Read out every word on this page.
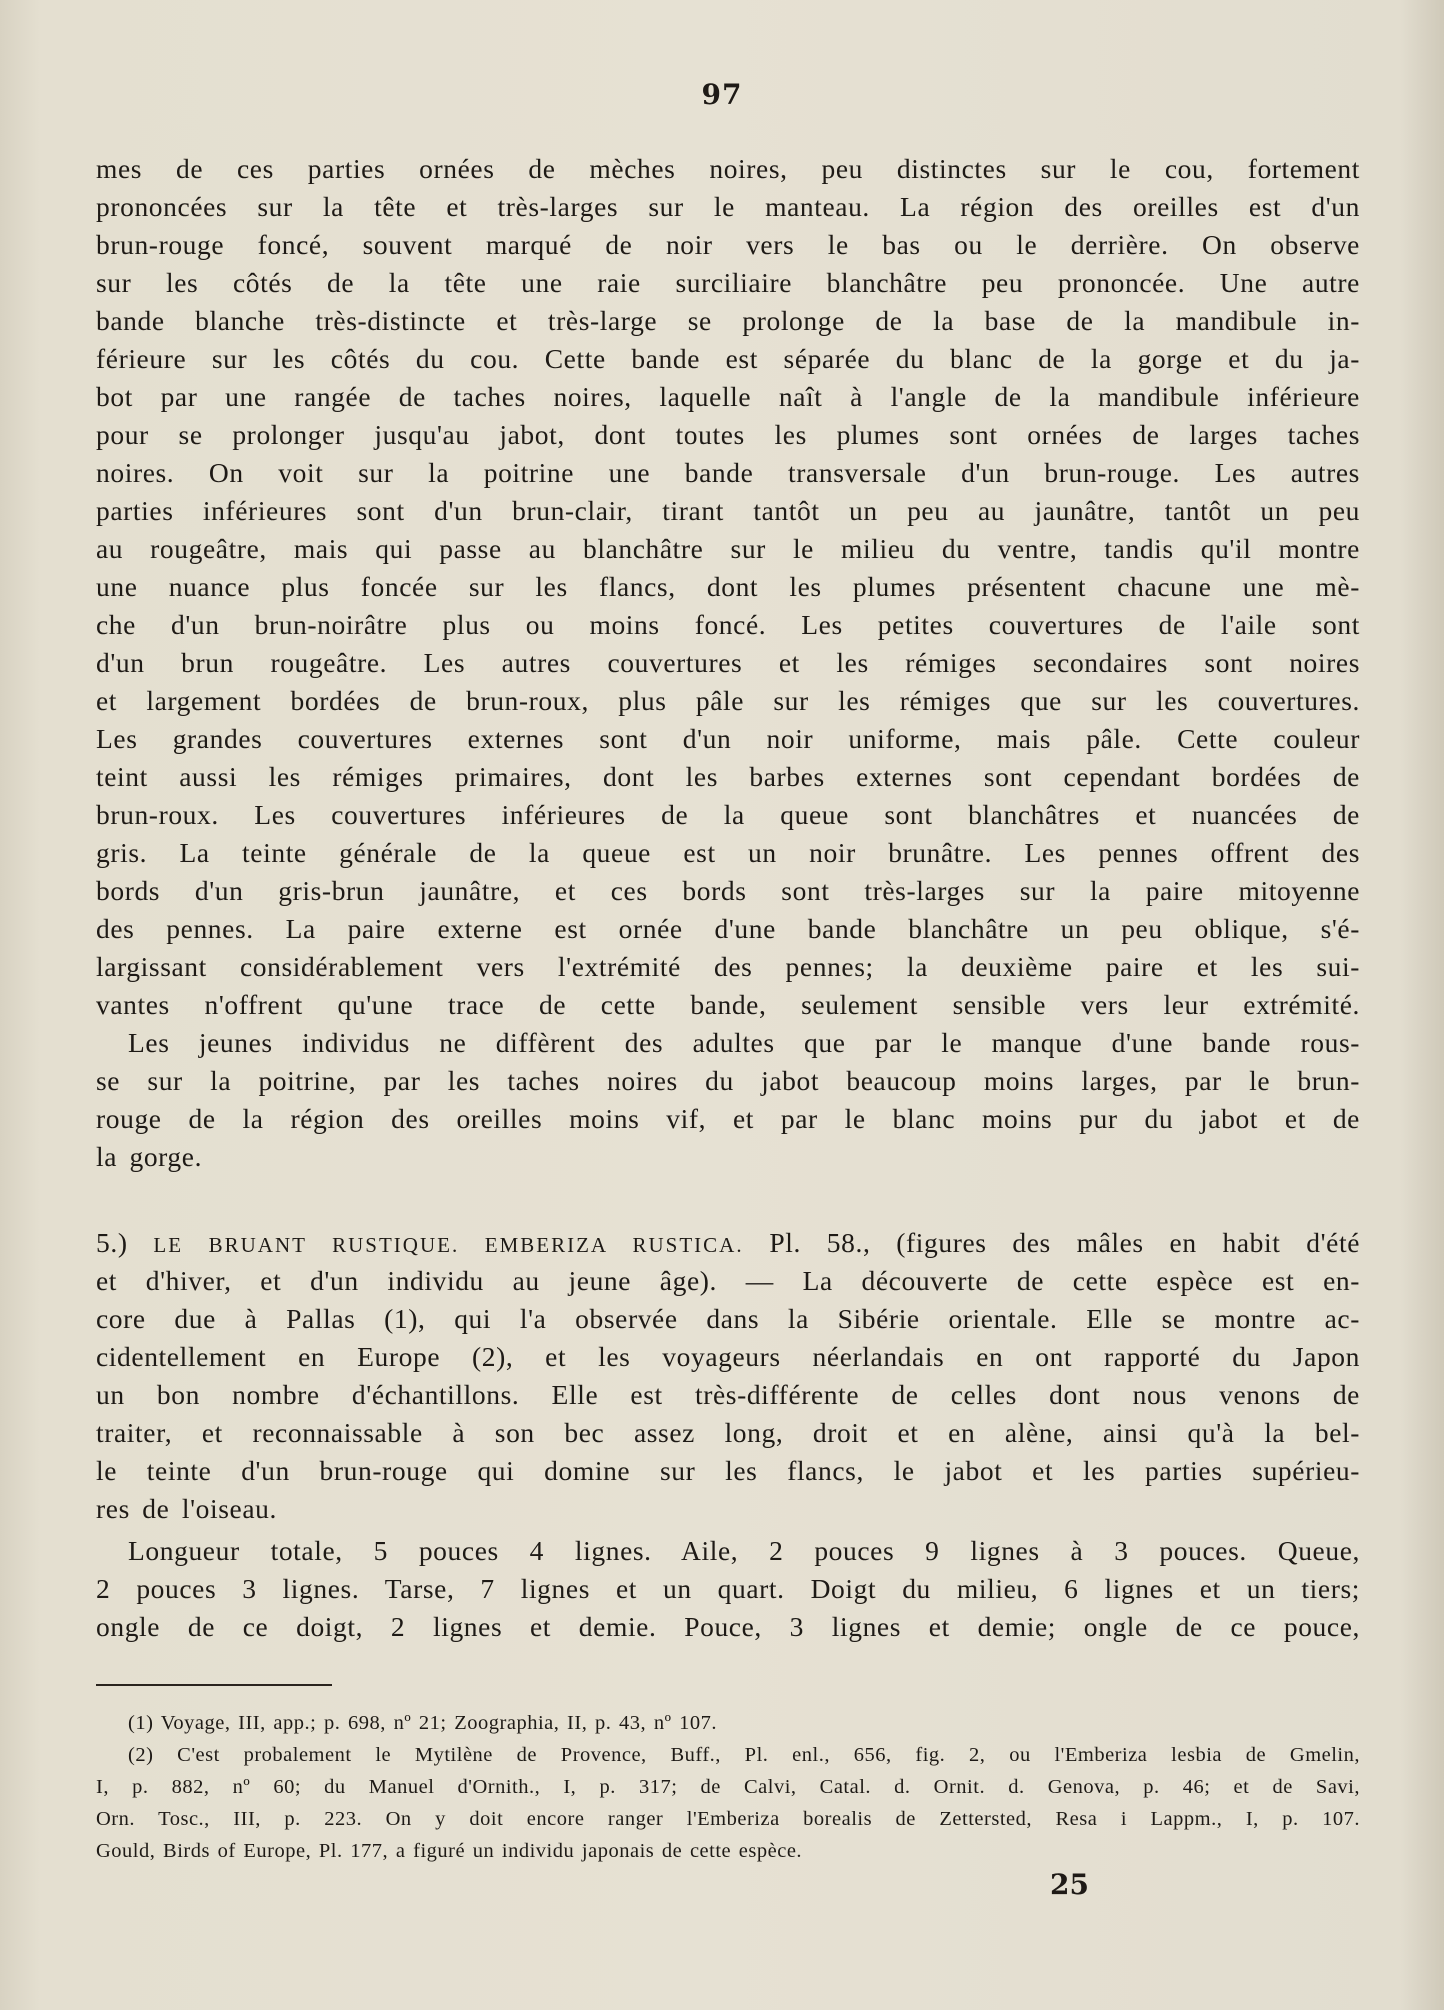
97
mes de ces parties ornées de mèches noires, peu distinctes sur le cou, fortement
prononcées sur la tête et très-larges sur le manteau. La région des oreilles est d'un
brun-rouge foncé, souvent marqué de noir vers le bas ou le derrière. On observe
sur les côtés de la tête une raie surciliaire blanchâtre peu prononcée. Une autre
bande blanche très-distincte et très-large se prolonge de la base de la mandibule in-
férieure sur les côtés du cou. Cette bande est séparée du blanc de la gorge et du ja-
bot par une rangée de taches noires, laquelle naît à l'angle de la mandibule inférieure
pour se prolonger jusqu'au jabot, dont toutes les plumes sont ornées de larges taches
noires. On voit sur la poitrine une bande transversale d'un brun-rouge. Les autres
parties inférieures sont d'un brun-clair, tirant tantôt un peu au jaunâtre, tantôt un peu
au rougeâtre, mais qui passe au blanchâtre sur le milieu du ventre, tandis qu'il montre
une nuance plus foncée sur les flancs, dont les plumes présentent chacune une mè-
che d'un brun-noirâtre plus ou moins foncé. Les petites couvertures de l'aile sont
d'un brun rougeâtre. Les autres couvertures et les rémiges secondaires sont noires
et largement bordées de brun-roux, plus pâle sur les rémiges que sur les couvertures.
Les grandes couvertures externes sont d'un noir uniforme, mais pâle. Cette couleur
teint aussi les rémiges primaires, dont les barbes externes sont cependant bordées de
brun-roux. Les couvertures inférieures de la queue sont blanchâtres et nuancées de
gris. La teinte générale de la queue est un noir brunâtre. Les pennes offrent des
bords d'un gris-brun jaunâtre, et ces bords sont très-larges sur la paire mitoyenne
des pennes. La paire externe est ornée d'une bande blanchâtre un peu oblique, s'é-
largissant considérablement vers l'extrémité des pennes; la deuxième paire et les sui-
vantes n'offrent qu'une trace de cette bande, seulement sensible vers leur extrémité.
Les jeunes individus ne diffèrent des adultes que par le manque d'une bande rous-
se sur la poitrine, par les taches noires du jabot beaucoup moins larges, par le brun-
rouge de la région des oreilles moins vif, et par le blanc moins pur du jabot et de
la gorge.
5.) LE BRUANT RUSTIQUE. EMBERIZA RUSTICA. Pl. 58., (figures des mâles en habit d'été
et d'hiver, et d'un individu au jeune âge). — La découverte de cette espèce est en-
core due à Pallas (1), qui l'a observée dans la Sibérie orientale. Elle se montre ac-
cidentellement en Europe (2), et les voyageurs néerlandais en ont rapporté du Japon
un bon nombre d'échantillons. Elle est très-différente de celles dont nous venons de
traiter, et reconnaissable à son bec assez long, droit et en alène, ainsi qu'à la bel-
le teinte d'un brun-rouge qui domine sur les flancs, le jabot et les parties supérieu-
res de l'oiseau.
Longueur totale, 5 pouces 4 lignes. Aile, 2 pouces 9 lignes à 3 pouces. Queue,
2 pouces 3 lignes. Tarse, 7 lignes et un quart. Doigt du milieu, 6 lignes et un tiers;
ongle de ce doigt, 2 lignes et demie. Pouce, 3 lignes et demie; ongle de ce pouce,
(1) Voyage, III, app.; p. 698, nº 21; Zoographia, II, p. 43, nº 107.
(2) C'est probalement le Mytilène de Provence, Buff., Pl. enl., 656, fig. 2, ou l'Emberiza lesbia de Gmelin,
I, p. 882, nº 60; du Manuel d'Ornith., I, p. 317; de Calvi, Catal. d. Ornit. d. Genova, p. 46; et de Savi,
Orn. Tosc., III, p. 223. On y doit encore ranger l'Emberiza borealis de Zettersted, Resa i Lappm., I, p. 107.
Gould, Birds of Europe, Pl. 177, a figuré un individu japonais de cette espèce.
25
